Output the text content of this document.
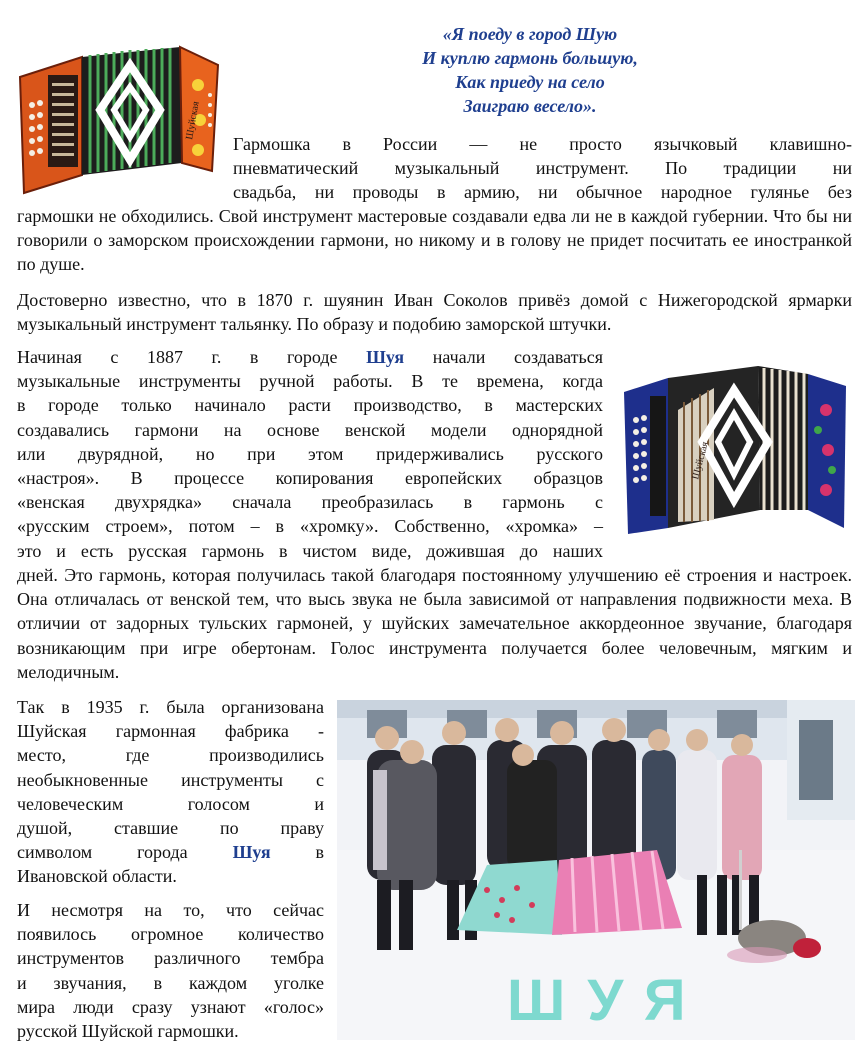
«Я поеду в город Шую
И куплю гармонь большую,
Как приеду на село
Заиграю весело».
Шуйская

Гармошка в России — не просто язычковый клавишно-

пневматический музыкальный инструмент. По традиции ни

свадьба, ни проводы в армию, ни обычное народное гулянье без

гармошки не обходились. Свой инструмент мастеровые создавали едва ли не в каждой губернии. Что бы ни говорили о заморском происхождении гармони, но никому и в голову не придет посчитать ее иностранкой по душе.

Достоверно известно, что в 1870 г. шуянин Иван Соколов привёз домой с Нижегородской ярмарки музыкальный инструмент тальянку. По образу и подобию заморской штучки.

Начиная с 1887 г. в городе Шуя начали создаваться

музыкальные инструменты ручной работы. В те времена, когда

в городе только начинало расти производство, в мастерских

создавались гармони на основе венской модели однорядной

или двурядной, но при этом придерживались русского

«настроя». В процессе копирования европейских образцов

«венская двухрядка» сначала преобразилась в гармонь с

«русским строем», потом – в «хромку». Собственно, «хромка» –

это и есть русская гармонь в чистом виде, дожившая до наших

дней. Это гармонь, которая получилась такой благодаря постоянному улучшению её строения и настроек. Она отличалась от венской тем, что высь звука не была зависимой от направления подвижности меха. В отличии от задорных тульских гармоней, у шуйских замечательное аккордеонное звучание, благодаря возникающим при игре обертонам. Голос инструмента получается более человечным, мягким и мелодичным.

Шуйская

Так в 1935 г. была организована

Шуйская гармонная фабрика -

место, где производились

необыкновенные инструменты с

человеческим голосом и

душой, ставшие по праву

символом города Шуя в

Ивановской области.

И несмотря на то, что сейчас

появилось огромное количество

инструментов различного тембра

и звучания, в каждом уголке

мира люди сразу узнают «голос»

русской Шуйской гармошки.	ШУЯ
